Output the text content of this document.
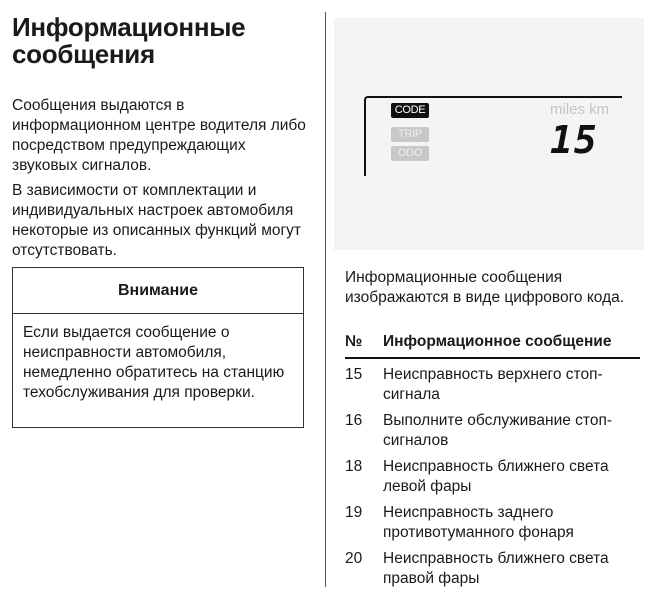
Информационные сообщения
Сообщения выдаются в информационном центре водителя либо посредством предупреждающих звуковых сигналов.
В зависимости от комплектации и индивидуальных настроек автомобиля некоторые из описанных функций могут отсутствовать.
Внимание
Если выдается сообщение о неисправности автомобиля, немедленно обратитесь на станцию техобслуживания для проверки.
CODE
TRIP
ODO
miles km
15
Информационные сообщения изображаются в виде цифрового кода.
№	Информационное сообщение
15	Неисправность верхнего стоп-сигнала
16	Выполните обслуживание стоп-сигналов
18	Неисправность ближнего света левой фары
19	Неисправность заднего противотуманного фонаря
20	Неисправность ближнего света правой фары
